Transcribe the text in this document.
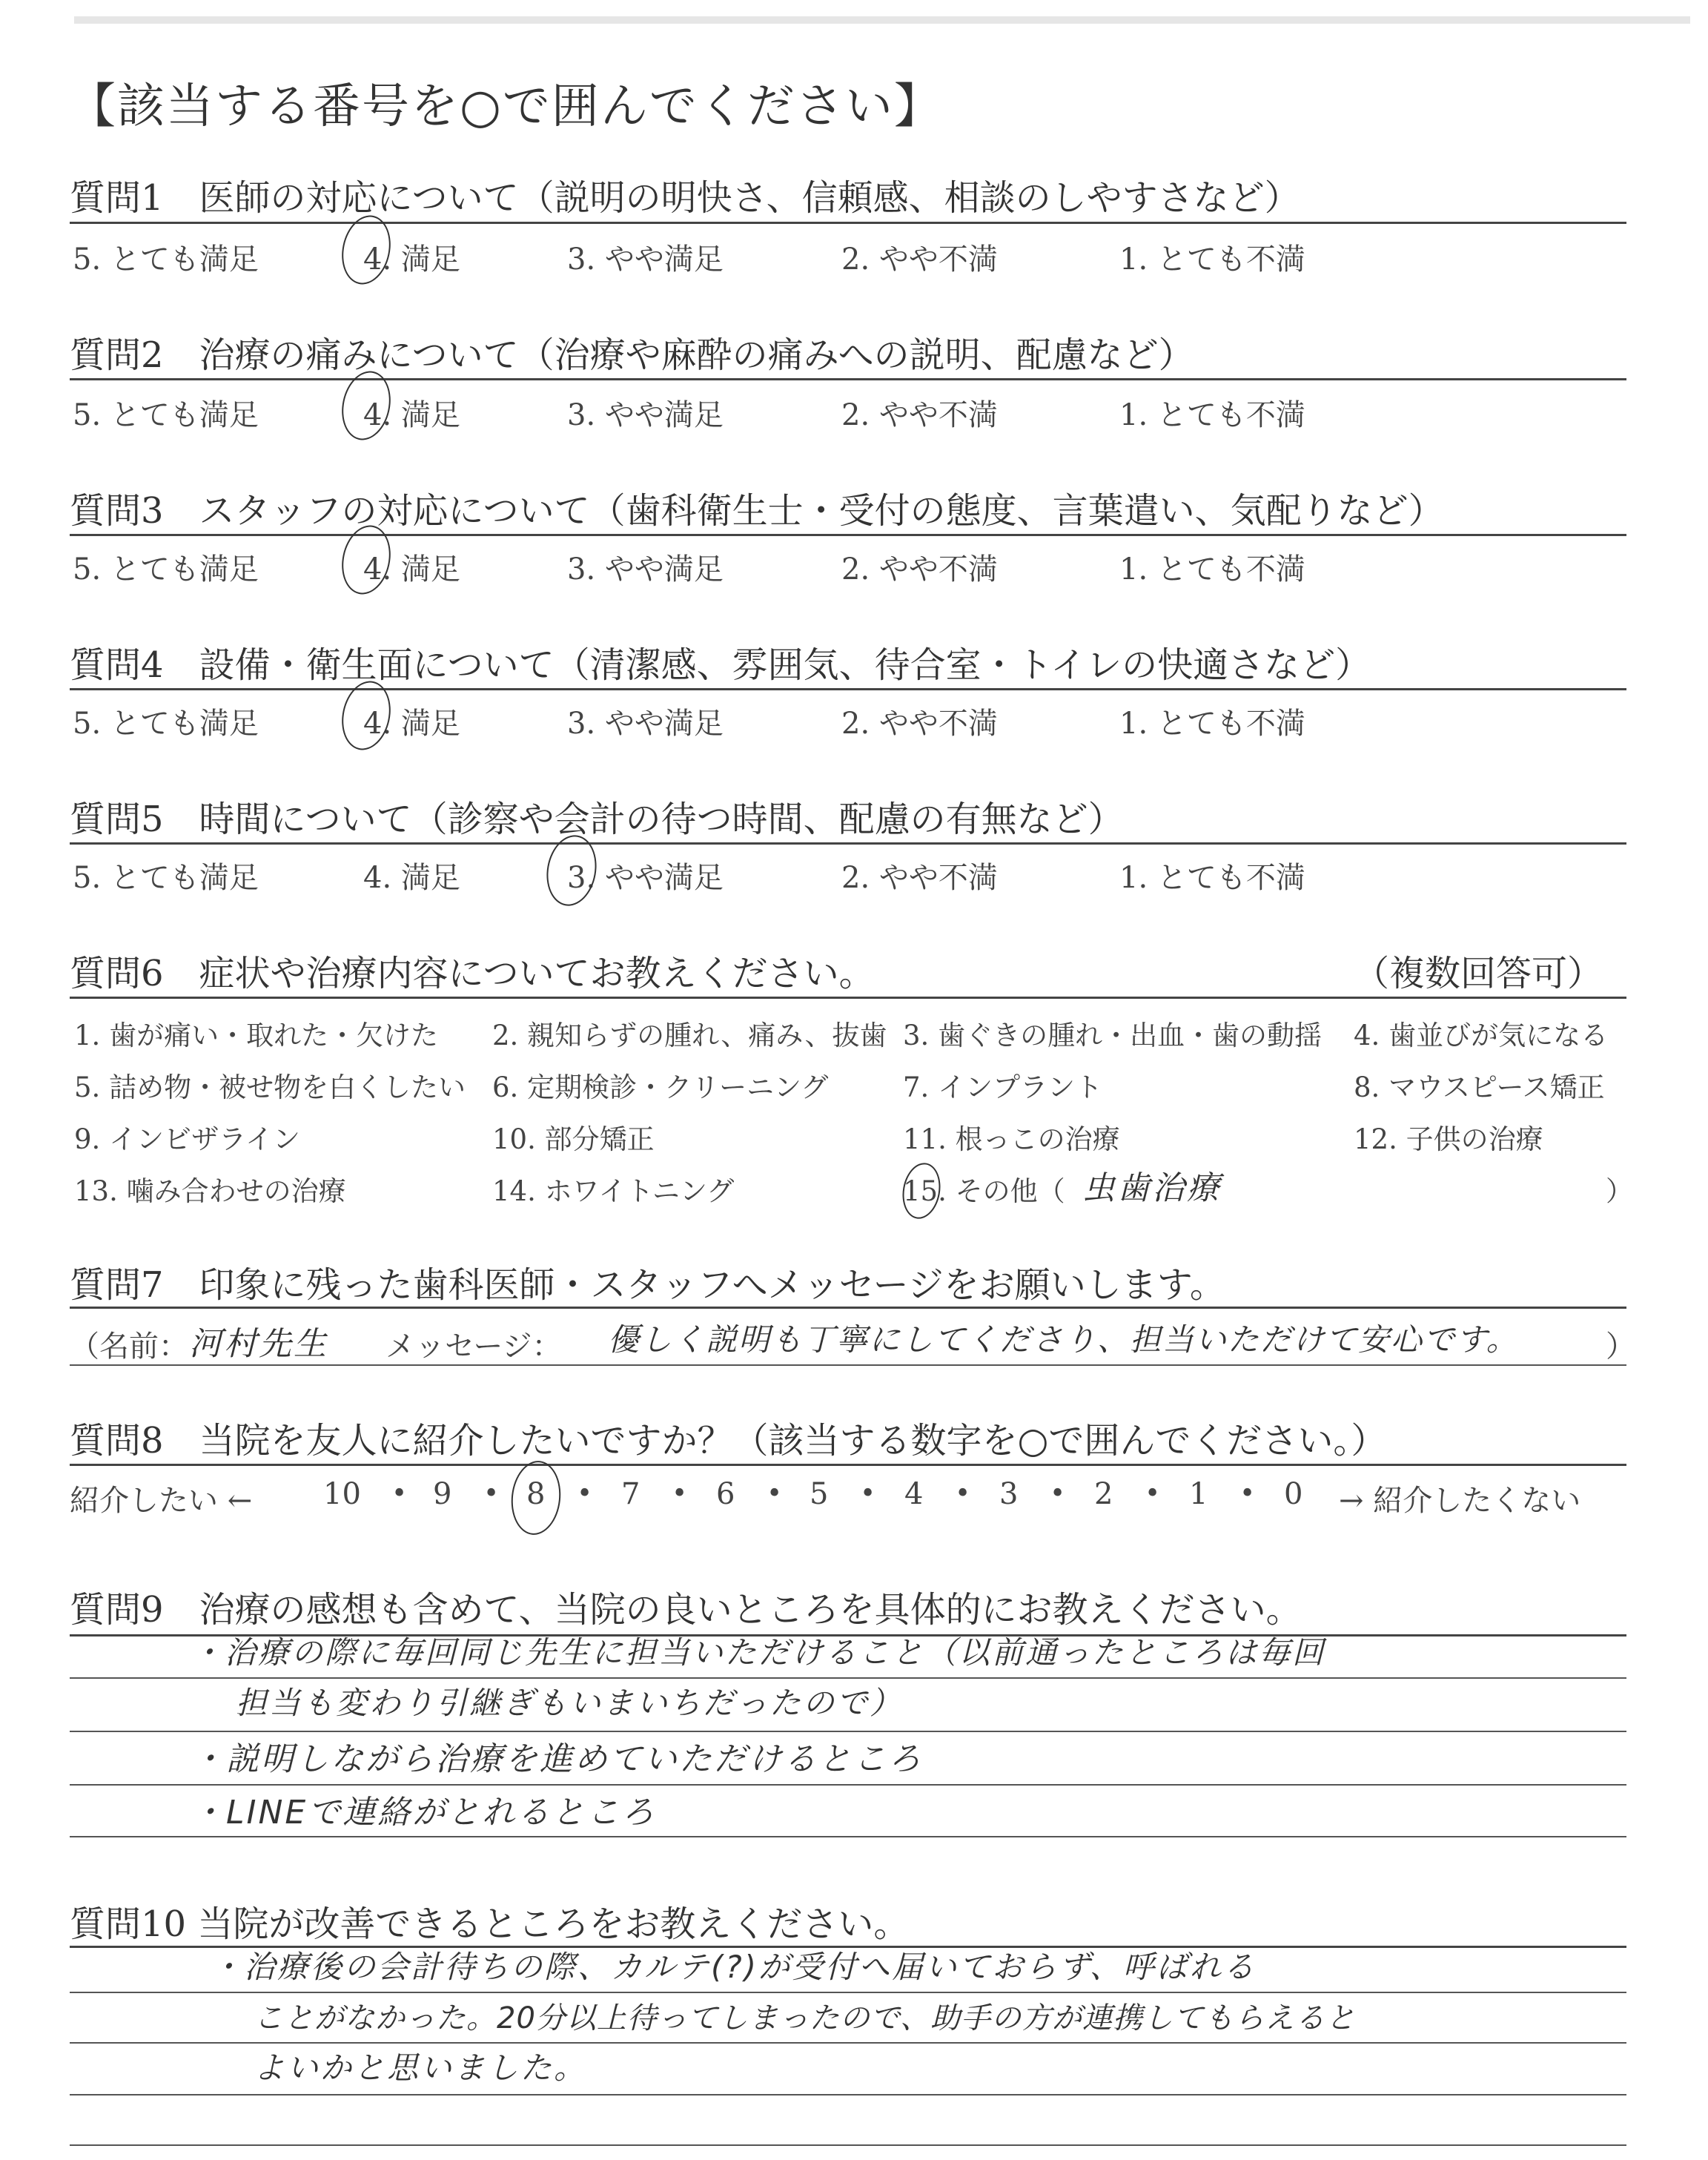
【該当する番号を○で囲んでください】
質問1　医師の対応について（説明の明快さ、信頼感、相談のしやすさなど）
5. とても満足	4. 満足	3. やや満足	2. やや不満	1. とても不満
質問2　治療の痛みについて（治療や麻酔の痛みへの説明、配慮など）
5. とても満足	4. 満足	3. やや満足	2. やや不満	1. とても不満
質問3　スタッフの対応について（歯科衛生士・受付の態度、言葉遣い、気配りなど）
5. とても満足	4. 満足	3. やや満足	2. やや不満	1. とても不満
質問4　設備・衛生面について（清潔感、雰囲気、待合室・トイレの快適さなど）
5. とても満足	4. 満足	3. やや満足	2. やや不満	1. とても不満
質問5　時間について（診察や会計の待つ時間、配慮の有無など）
5. とても満足	4. 満足	3. やや満足	2. やや不満	1. とても不満
質問6　症状や治療内容についてお教えください。	（複数回答可）
1. 歯が痛い・取れた・欠けた 2. 親知らずの腫れ、痛み、抜歯 3. 歯ぐきの腫れ・出血・歯の動揺 4. 歯並びが気になる
5. 詰め物・被せ物を白くしたい 6. 定期検診・クリーニング	7. インプラント	8. マウスピース矯正
9. インビザライン	10. 部分矯正	11. 根っこの治療	12. 子供の治療
13. 噛み合わせの治療	14. ホワイトニング	15. その他（ 虫歯治療	）
質問7　印象に残った歯科医師・スタッフへメッセージをお願いします。
（名前： 河村先生 メッセージ： 優しく説明も丁寧にしてくださり、担当いただけて安心です。	）
質問8　当院を友人に紹介したいですか？（該当する数字を○で囲んでください。）
紹介したい ← 10 • 9 • 8 • 7 • 6 • 5 • 4 • 3 • 2 • 1 • 0 → 紹介したくない
質問9　治療の感想も含めて、当院の良いところを具体的にお教えください。
・治療の際に毎回同じ先生に担当いただけること（以前通ったところは毎回
担当も変わり引継ぎもいまいちだったので）
・説明しながら治療を進めていただけるところ
・LINEで連絡がとれるところ
質問10 当院が改善できるところをお教えください。
・治療後の会計待ちの際、カルテ(?)が受付へ届いておらず、呼ばれる
ことがなかった。20分以上待ってしまったので、助手の方が連携してもらえると
よいかと思いました。
